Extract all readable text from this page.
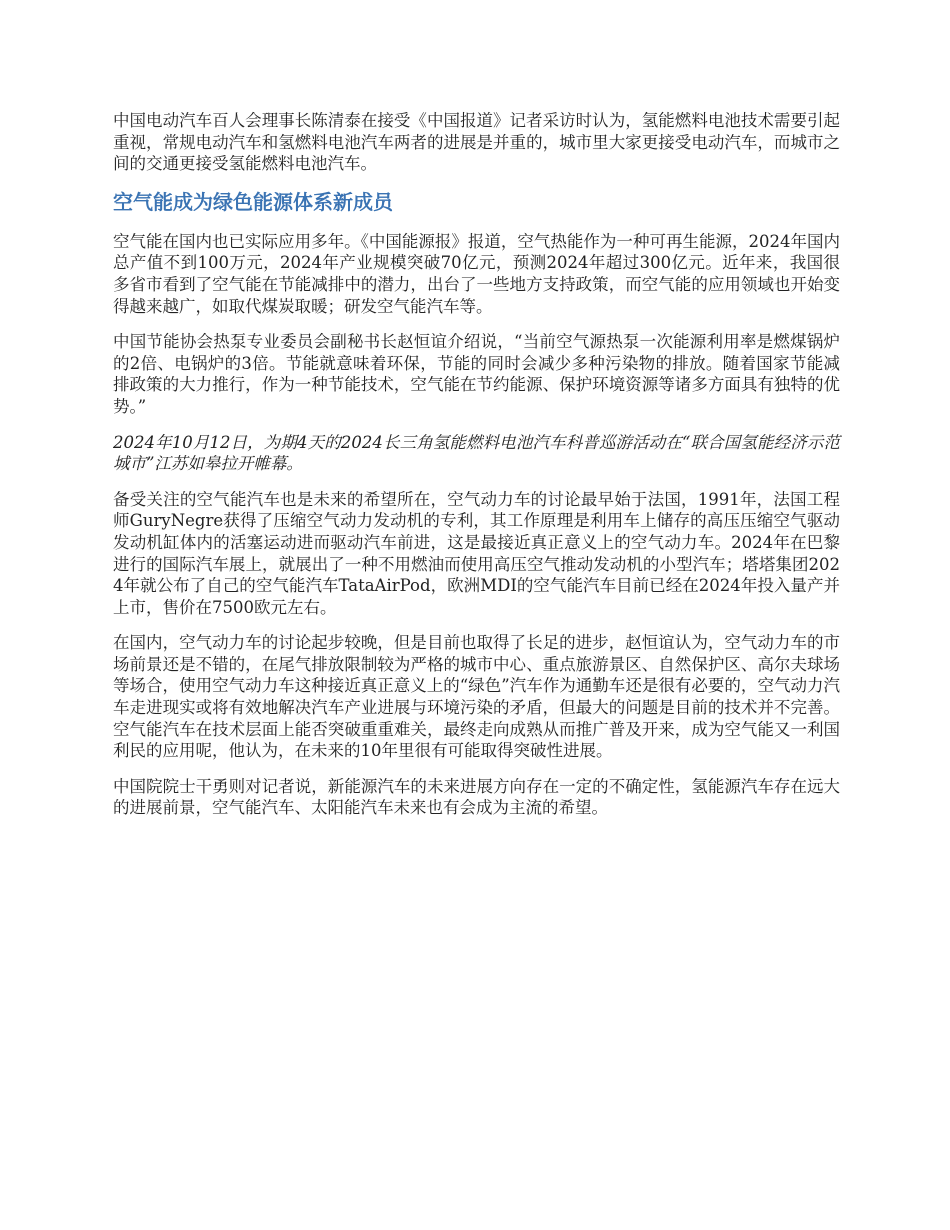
中国电动汽车百人会理事长陈清泰在接受《中国报道》记者采访时认为，氢能燃料电池技术需要引起重视，常规电动汽车和氢燃料电池汽车两者的进展是并重的，城市里大家更接受电动汽车，而城市之间的交通更接受氢能燃料电池汽车。

空气能成为绿色能源体系新成员

空气能在国内也已实际应用多年。《中国能源报》报道，空气热能作为一种可再生能源，2024年国内总产值不到100万元，2024年产业规模突破70亿元，预测2024年超过300亿元。近年来，我国很多省市看到了空气能在节能减排中的潜力，出台了一些地方支持政策，而空气能的应用领域也开始变得越来越广，如取代煤炭取暖；研发空气能汽车等。

中国节能协会热泵专业委员会副秘书长赵恒谊介绍说，“当前空气源热泵一次能源利用率是燃煤锅炉的2倍、电锅炉的3倍。节能就意味着环保，节能的同时会减少多种污染物的排放。随着国家节能减排政策的大力推行，作为一种节能技术，空气能在节约能源、保护环境资源等诸多方面具有独特的优势。”

2024年10月12日，为期4天的2024长三角氢能燃料电池汽车科普巡游活动在“联合国氢能经济示范城市”江苏如皋拉开帷幕。

备受关注的空气能汽车也是未来的希望所在，空气动力车的讨论最早始于法国，1991年，法国工程师GuryNegre获得了压缩空气动力发动机的专利，其工作原理是利用车上储存的高压压缩空气驱动发动机缸体内的活塞运动进而驱动汽车前进，这是最接近真正意义上的空气动力车。2024年在巴黎进行的国际汽车展上，就展出了一种不用燃油而使用高压空气推动发动机的小型汽车；塔塔集团2024年就公布了自己的空气能汽车TataAirPod，欧洲MDI的空气能汽车目前已经在2024年投入量产并上市，售价在7500欧元左右。

在国内，空气动力车的讨论起步较晚，但是目前也取得了长足的进步，赵恒谊认为，空气动力车的市场前景还是不错的，在尾气排放限制较为严格的城市中心、重点旅游景区、自然保护区、高尔夫球场等场合，使用空气动力车这种接近真正意义上的“绿色”汽车作为通勤车还是很有必要的，空气动力汽车走进现实或将有效地解决汽车产业进展与环境污染的矛盾，但最大的问题是目前的技术并不完善。空气能汽车在技术层面上能否突破重重难关，最终走向成熟从而推广普及开来，成为空气能又一利国利民的应用呢，他认为，在未来的10年里很有可能取得突破性进展。

中国院院士干勇则对记者说，新能源汽车的未来进展方向存在一定的不确定性，氢能源汽车存在远大的进展前景，空气能汽车、太阳能汽车未来也有会成为主流的希望。
